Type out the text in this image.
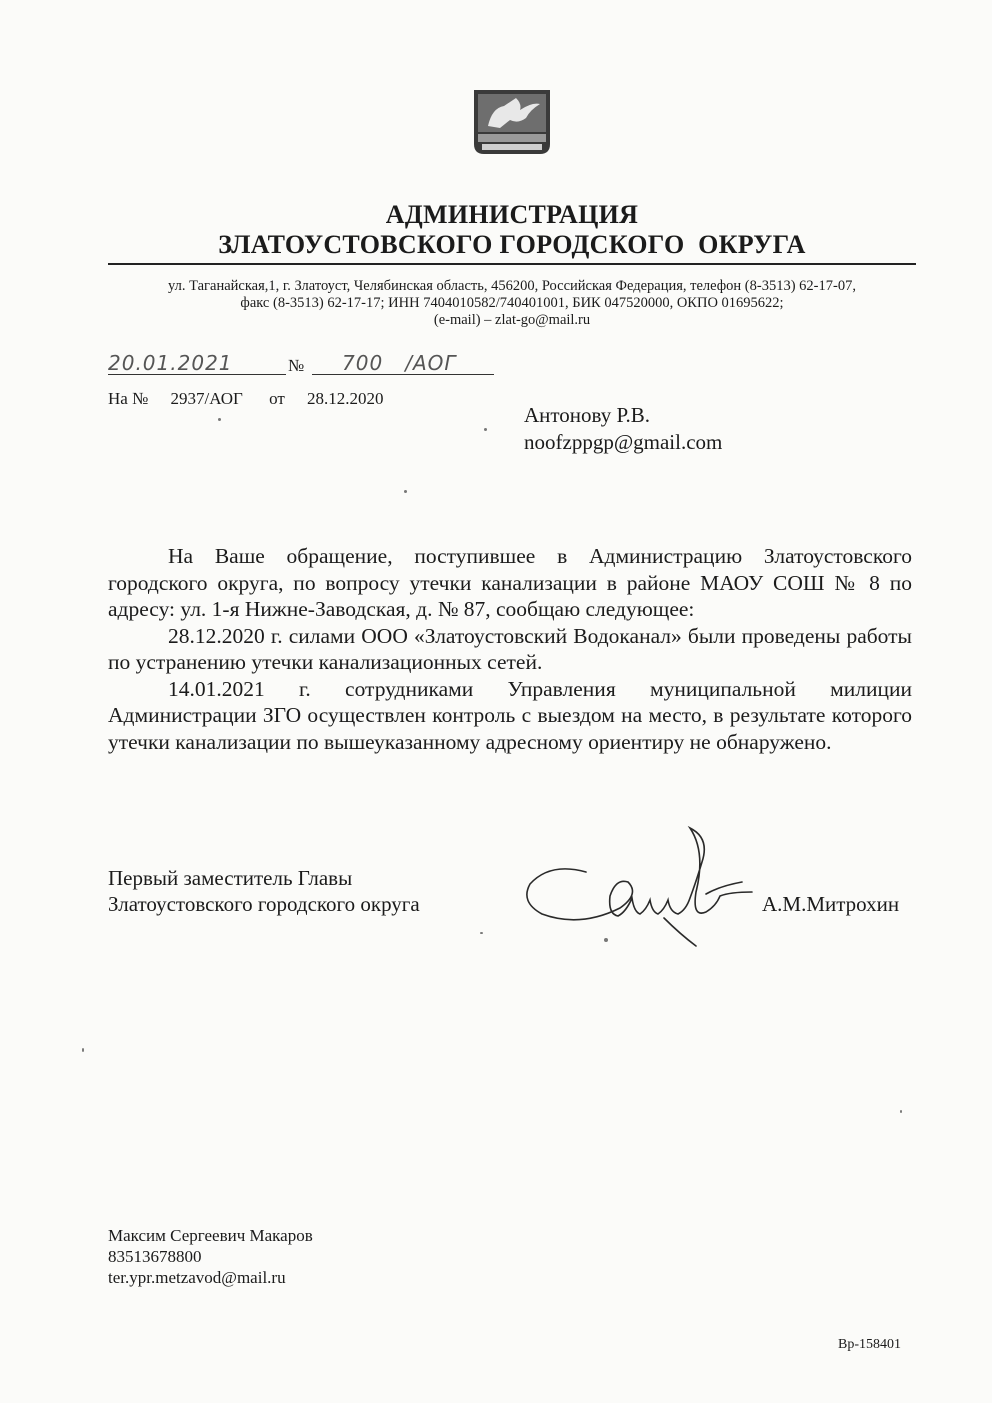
АДМИНИСТРАЦИЯ
ЗЛАТОУСТОВСКОГО ГОРОДСКОГО  ОКРУГА
ул. Таганайская,1, г. Златоуст, Челябинская область, 456200, Российская Федерация, телефон (8-3513) 62-17-07,
факс (8-3513) 62-17-17; ИНН 7404010582/740401001, БИК 047520000, ОКПО 01695622;
(e-mail) – zlat-go@mail.ru
20.01.2021	№	700   /АОГ
На № 2937/АОГ от 28.12.2020
Антонову Р.В.
noofzppgp@gmail.com

На Ваше обращение, поступившее в Администрацию Златоустовского городского округа, по вопросу утечки канализации в районе МАОУ СОШ № 8 по адресу: ул. 1-я Нижне-Заводская, д. № 87, сообщаю следующее:

28.12.2020 г. силами ООО «Златоустовский Водоканал» были проведены работы по устранению утечки канализационных сетей.

14.01.2021 г. сотрудниками Управления муниципальной милиции Администрации ЗГО осуществлен контроль с выездом на место, в результате которого утечки канализации по вышеуказанному адресному ориентиру не обнаружено.

Первый заместитель Главы
Златоустовского городского округа	А.М.Митрохин
Максим Сергеевич Макаров
83513678800
ter.ypr.metzavod@mail.ru
Вр-158401
